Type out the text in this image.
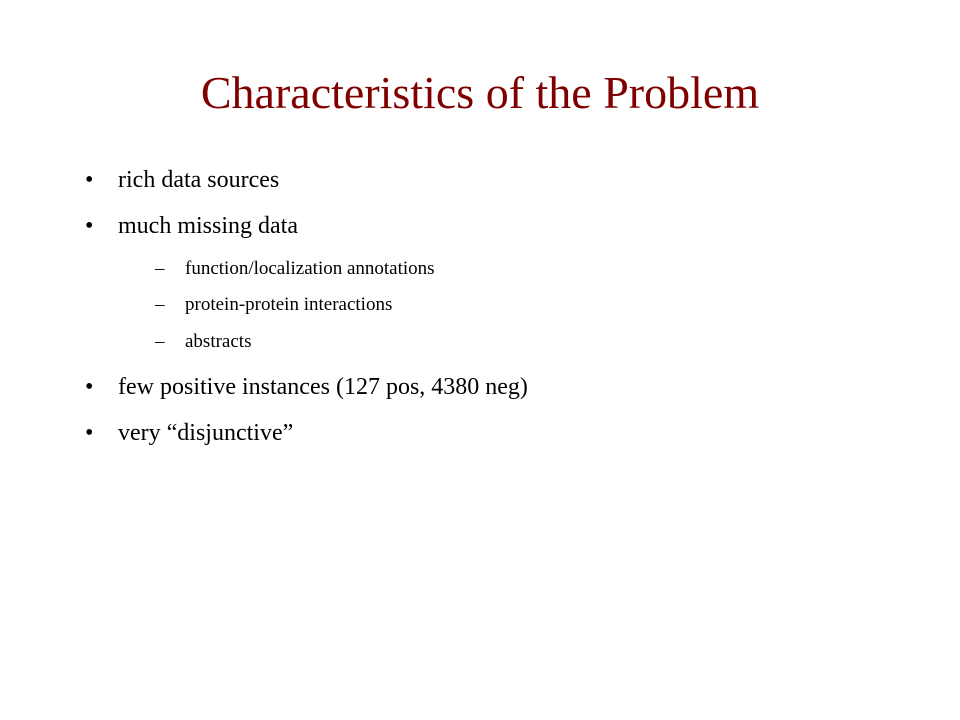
Characteristics of the Problem
• rich data sources
• much missing data
– function/localization annotations
– protein-protein interactions
– abstracts
• few positive instances (127 pos, 4380 neg)
• very “disjunctive”
